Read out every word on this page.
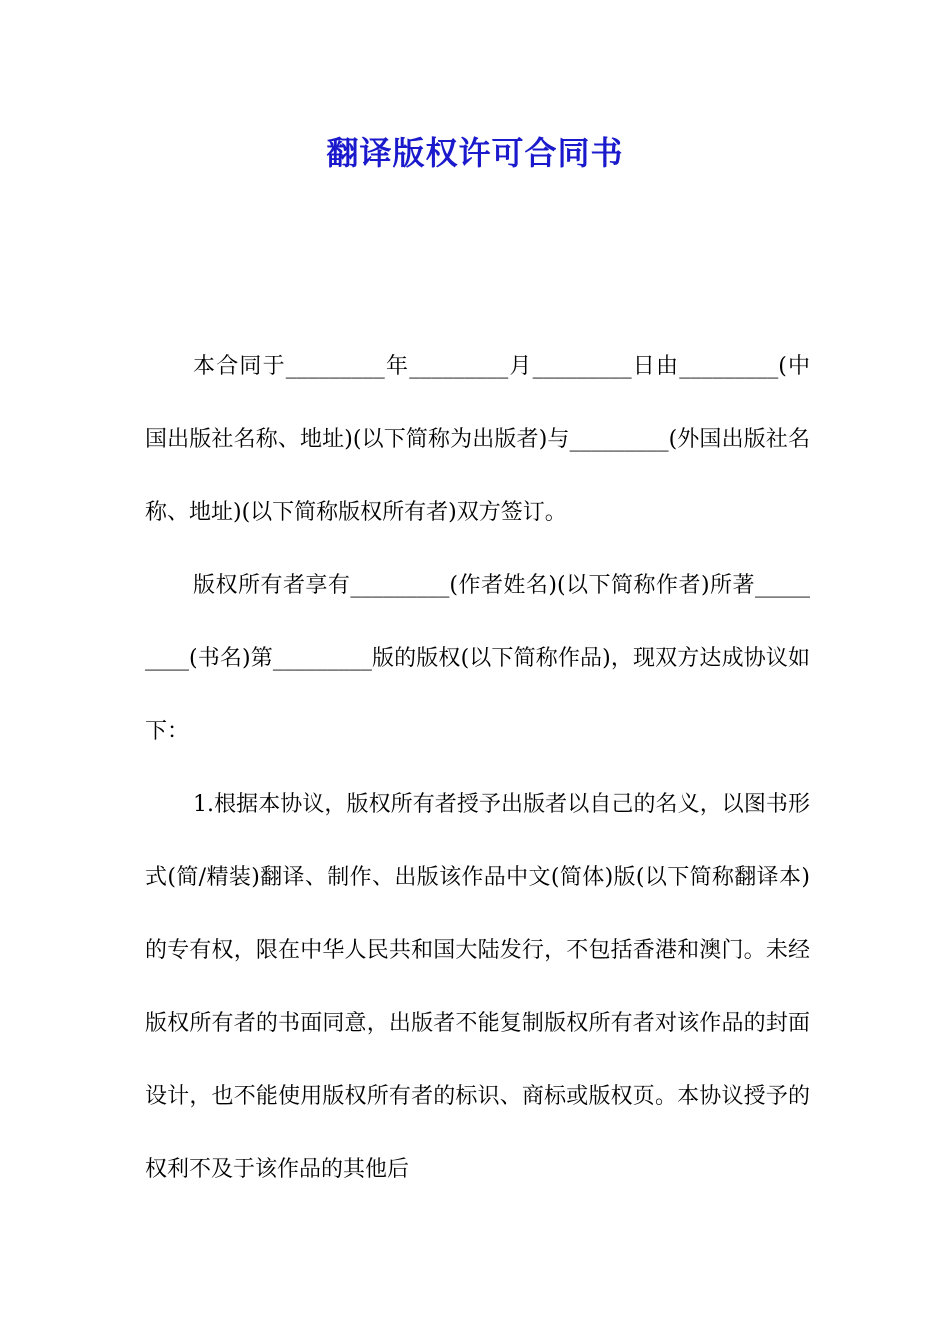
翻译版权许可合同书

本合同于_________年_________月_________日由_________(中国出版社名称、地址)(以下简称为出版者)与_________(外国出版社名称、地址)(以下简称版权所有者)双方签订。

版权所有者享有_________(作者姓名)(以下简称作者)所著_________(书名)第_________版的版权(以下简称作品)，现双方达成协议如下：

1.根据本协议，版权所有者授予出版者以自己的名义，以图书形式(简/精装)翻译、制作、出版该作品中文(简体)版(以下简称翻译本)的专有权，限在中华人民共和国大陆发行，不包括香港和澳门。未经版权所有者的书面同意，出版者不能复制版权所有者对该作品的封面设计，也不能使用版权所有者的标识、商标或版权页。本协议授予的权利不及于该作品的其他后
